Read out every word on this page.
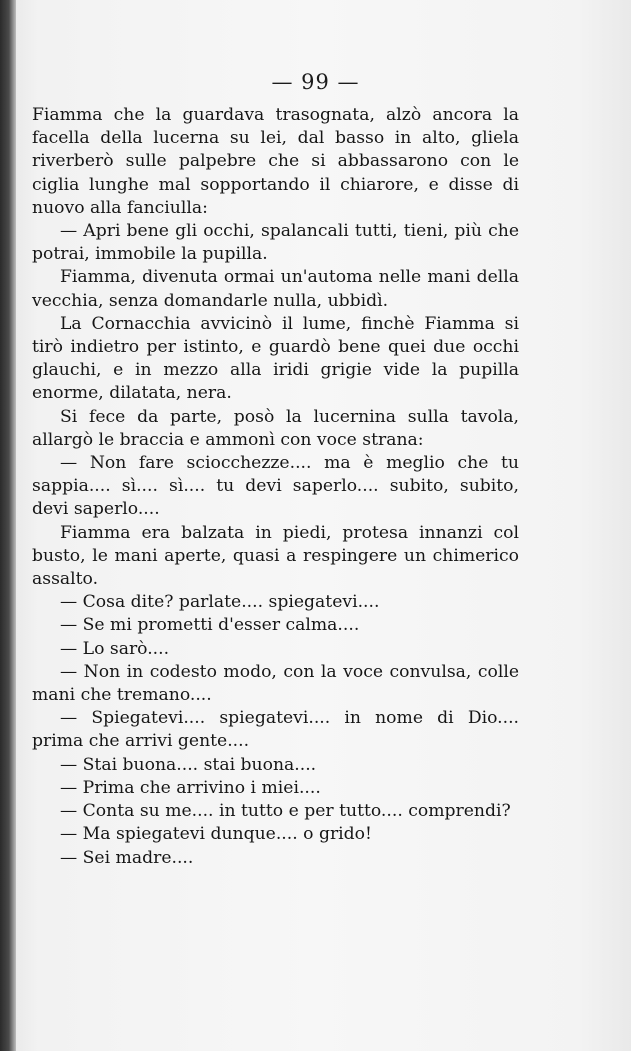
— 99 —

Fiamma che la guardava trasognata, alzò ancora la facella della lucerna su lei, dal basso in alto, gliela riverberò sulle palpebre che si abbassarono con le ciglia lunghe mal sopportando il chiarore, e disse di nuovo alla fanciulla:

— Apri bene gli occhi, spalancali tutti, tieni, più che potrai, immobile la pupilla.

Fiamma, divenuta ormai un'automa nelle mani della vecchia, senza domandarle nulla, ubbidì.

La Cornacchia avvicinò il lume, finchè Fiamma si tirò indietro per istinto, e guardò bene quei due occhi glauchi, e in mezzo alla iridi grigie vide la pupilla enorme, dilatata, nera.

Si fece da parte, posò la lucernina sulla tavola, allargò le braccia e ammonì con voce strana:

— Non fare sciocchezze.... ma è meglio che tu sappia.... sì.... sì.... tu devi saperlo.... subito, subito, devi saperlo....

Fiamma era balzata in piedi, protesa innanzi col busto, le mani aperte, quasi a respingere un chimerico assalto.

— Cosa dite? parlate.... spiegatevi....

— Se mi prometti d'esser calma....

— Lo sarò....

— Non in codesto modo, con la voce convulsa, colle mani che tremano....

— Spiegatevi.... spiegatevi.... in nome di Dio.... prima che arrivi gente....

— Stai buona.... stai buona....

— Prima che arrivino i miei....

— Conta su me.... in tutto e per tutto.... comprendi?

— Ma spiegatevi dunque.... o grido!

— Sei madre....
